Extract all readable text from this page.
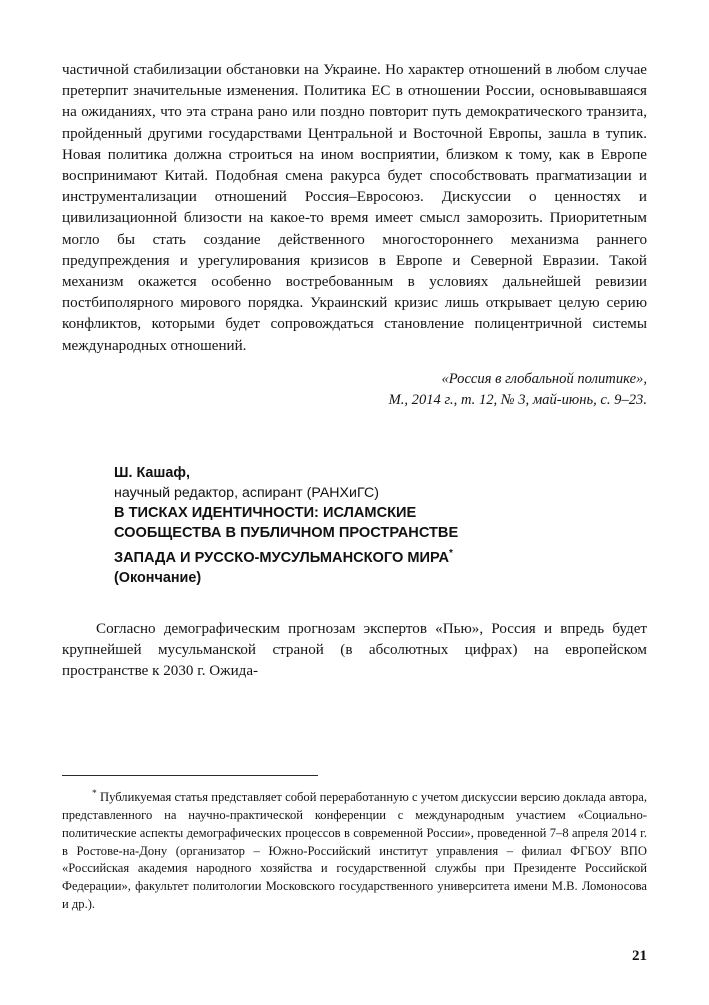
частичной стабилизации обстановки на Украине. Но характер отношений в любом случае претерпит значительные изменения. Политика ЕС в отношении России, основывавшаяся на ожиданиях, что эта страна рано или поздно повторит путь демократического транзита, пройденный другими государствами Центральной и Восточной Европы, зашла в тупик. Новая политика должна строиться на ином восприятии, близком к тому, как в Европе воспринимают Китай. Подобная смена ракурса будет способствовать прагматизации и инструментализации отношений Россия–Евросоюз. Дискуссии о ценностях и цивилизационной близости на какое-то время имеет смысл заморозить. Приоритетным могло бы стать создание действенного многостороннего механизма раннего предупреждения и урегулирования кризисов в Европе и Северной Евразии. Такой механизм окажется особенно востребованным в условиях дальнейшей ревизии постбиполярного мирового порядка. Украинский кризис лишь открывает целую серию конфликтов, которыми будет сопровождаться становление полицентричной системы международных отношений.

«Россия в глобальной политике»,
М., 2014 г., т. 12, № 3, май-июнь, с. 9–23.
Ш. Кашаф,
научный редактор, аспирант (РАНХиГС)
В ТИСКАХ ИДЕНТИЧНОСТИ: ИСЛАМСКИЕ
СООБЩЕСТВА В ПУБЛИЧНОМ ПРОСТРАНСТВЕ
ЗАПАДА И РУССКО-МУСУЛЬМАНСКОГО МИРА*
(Окончание)

Согласно демографическим прогнозам экспертов «Пью», Россия и впредь будет крупнейшей мусульманской страной (в абсолютных цифрах) на европейском пространстве к 2030 г. Ожида-

* Публикуемая статья представляет собой переработанную с учетом дискуссии версию доклада автора, представленного на научно-практической конференции с международным участием «Социально-политические аспекты демографических процессов в современной России», проведенной 7–8 апреля 2014 г. в Ростове-на-Дону (организатор – Южно-Российский институт управления – филиал ФГБОУ ВПО «Российская академия народного хозяйства и государственной службы при Президенте Российской Федерации», факультет политологии Московского государственного университета имени М.В. Ломоносова и др.).
21
